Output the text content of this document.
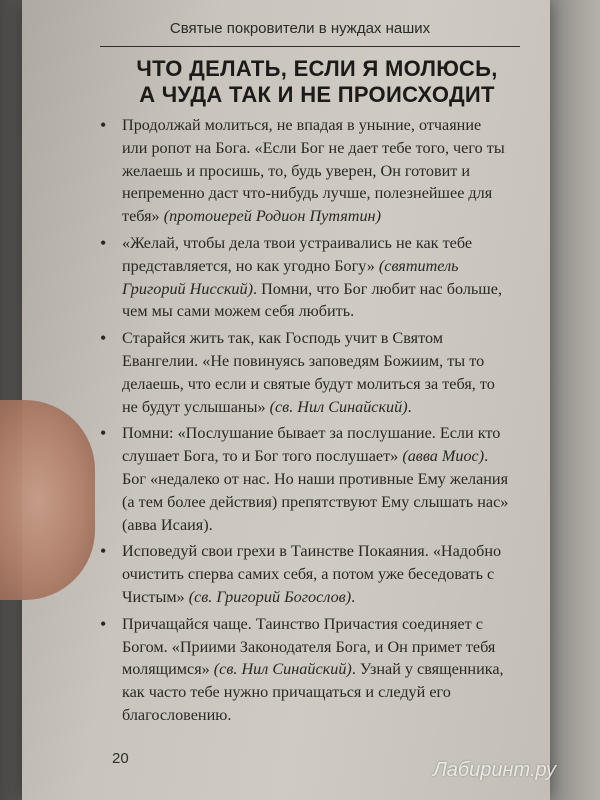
Святые покровители в нуждах наших
ЧТО ДЕЛАТЬ, ЕСЛИ Я МОЛЮСЬ,
А ЧУДА ТАК И НЕ ПРОИСХОДИТ
• Продолжай молиться, не впадая в уныние, отчаяние или ропот на Бога. «Если Бог не дает тебе того, чего ты желаешь и просишь, то, будь уверен, Он готовит и непременно даст что-нибудь лучше, полезнейшее для тебя» (протоиерей Родион Путятин)
• «Желай, чтобы дела твои устраивались не как тебе представляется, но как угодно Богу» (святитель Григорий Нисский). Помни, что Бог любит нас больше, чем мы сами можем себя любить.
• Старайся жить так, как Господь учит в Святом Евангелии. «Не повинуясь заповедям Божиим, ты то делаешь, что если и святые будут молиться за тебя, то не будут услышаны» (св. Нил Синайский).
• Помни: «Послушание бывает за послушание. Если кто слушает Бога, то и Бог того послушает» (авва Миос). Бог «недалеко от нас. Но наши противные Ему желания (а тем более действия) препятствуют Ему слышать нас» (авва Исаия).
• Исповедуй свои грехи в Таинстве Покаяния. «Надобно очистить сперва самих себя, а потом уже беседовать с Чистым» (св. Григорий Богослов).
• Причащайся чаще. Таинство Причастия соединяет с Богом. «Приими Законодателя Бога, и Он примет тебя молящимся» (св. Нил Синайский). Узнай у священника, как часто тебе нужно причащаться и следуй его благословению.
20
Лабиринт.ру
